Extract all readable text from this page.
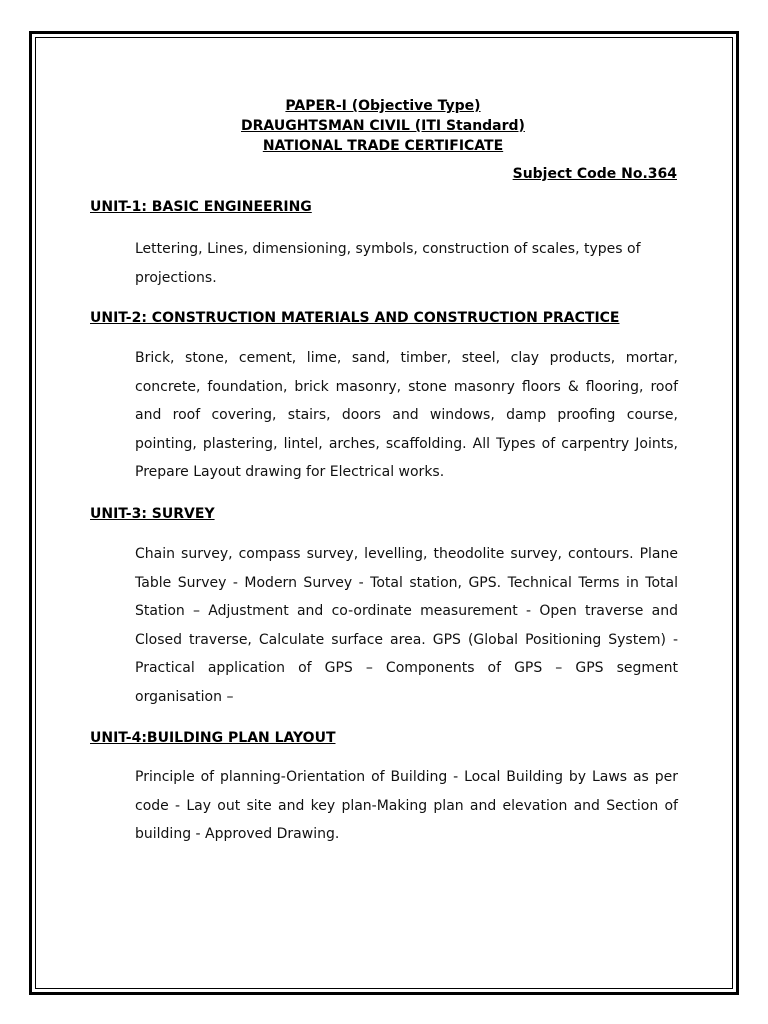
PAPER-I (Objective Type)
DRAUGHTSMAN CIVIL (ITI Standard)
NATIONAL TRADE CERTIFICATE
Subject Code No.364
UNIT-1: BASIC ENGINEERING
Lettering, Lines, dimensioning, symbols, construction of scales, types of projections.
UNIT-2: CONSTRUCTION MATERIALS AND CONSTRUCTION PRACTICE
Brick, stone, cement, lime, sand, timber, steel, clay products, mortar, concrete, foundation, brick masonry, stone masonry floors & flooring, roof and roof covering, stairs, doors and windows, damp proofing course, pointing, plastering, lintel, arches, scaffolding. All Types of carpentry Joints, Prepare Layout drawing for Electrical works.
UNIT-3: SURVEY
Chain survey, compass survey, levelling, theodolite survey, contours. Plane Table Survey - Modern Survey - Total station, GPS. Technical Terms in Total Station – Adjustment and co-ordinate measurement - Open traverse and Closed traverse, Calculate surface area. GPS (Global Positioning System) - Practical application of GPS – Components of GPS – GPS segment organisation –
UNIT-4:BUILDING PLAN LAYOUT
Principle of planning-Orientation of Building - Local Building by Laws as per code - Lay out site and key plan-Making plan and elevation and Section of building - Approved Drawing.
